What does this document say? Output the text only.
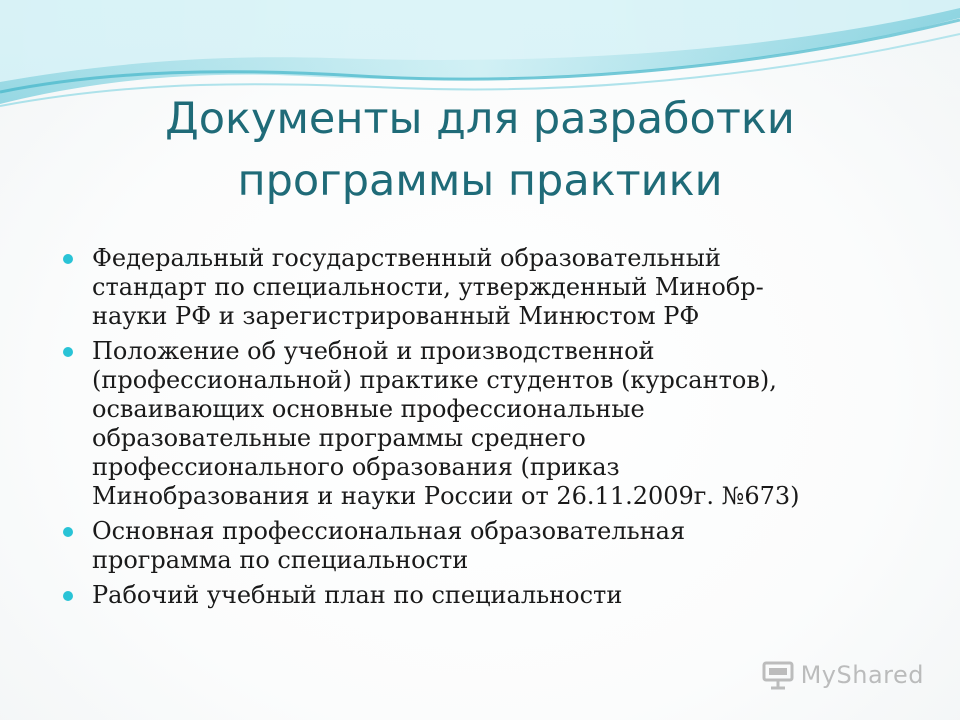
Документы для разработки
программы практики
Федеральный государственный образовательный
стандарт по специальности, утвержденный Минобр-
науки РФ и зарегистрированный Минюстом РФ
Положение об учебной и производственной
(профессиональной) практике студентов (курсантов),
осваивающих основные профессиональные
образовательные программы среднего
профессионального образования (приказ
Минобразования и науки России от 26.11.2009г. №673)
Основная профессиональная образовательная
программа по специальности
Рабочий учебный план по специальности
MyShared
